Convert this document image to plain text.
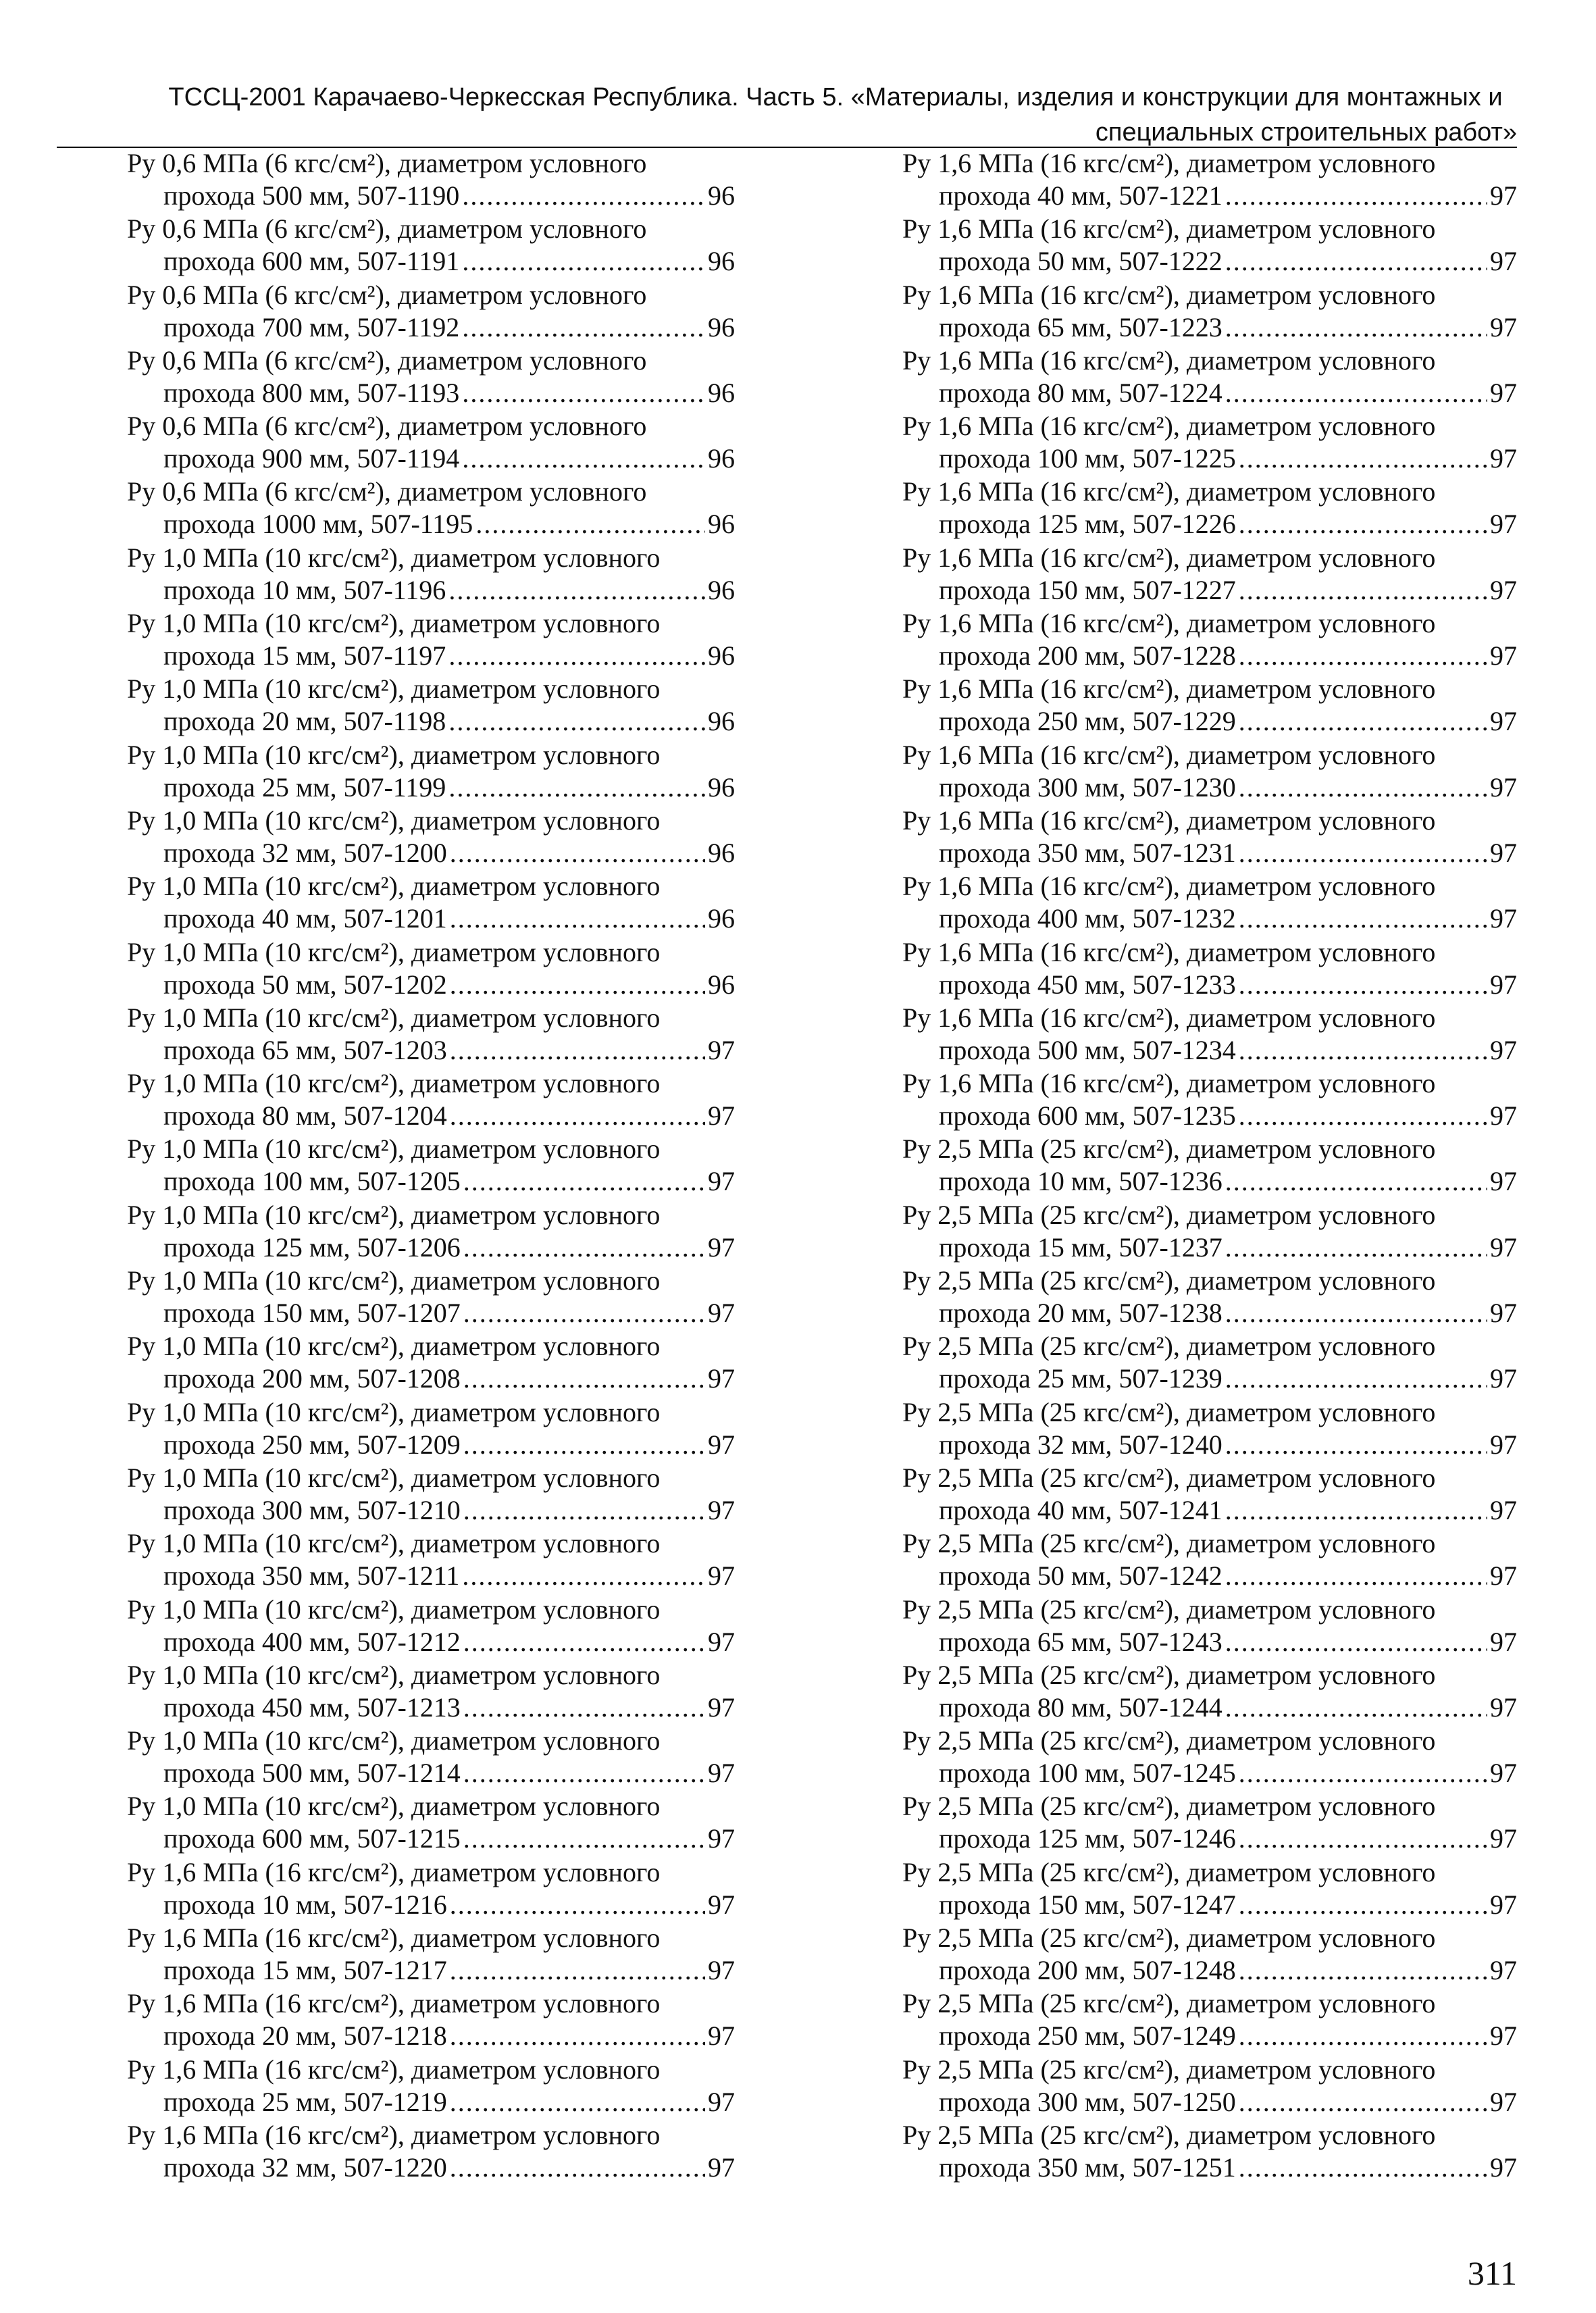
ТССЦ-2001 Карачаево-Черкесская Республика. Часть 5. «Материалы, изделия и конструкции для монтажных и
специальных строительных работ»
Ру 0,6 МПа (6 кгс/см²), диаметром условного
прохода 500 мм, 507-1190 .....	96
Ру 0,6 МПа (6 кгс/см²), диаметром условного
прохода 600 мм, 507-1191 .....	96
Ру 0,6 МПа (6 кгс/см²), диаметром условного
прохода 700 мм, 507-1192 .....	96
Ру 0,6 МПа (6 кгс/см²), диаметром условного
прохода 800 мм, 507-1193 .....	96
Ру 0,6 МПа (6 кгс/см²), диаметром условного
прохода 900 мм, 507-1194 .....	96
Ру 0,6 МПа (6 кгс/см²), диаметром условного
прохода 1000 мм, 507-1195 .....	96
Ру 1,0 МПа (10 кгс/см²), диаметром условного
прохода 10 мм, 507-1196 .....	96
Ру 1,0 МПа (10 кгс/см²), диаметром условного
прохода 15 мм, 507-1197 .....	96
Ру 1,0 МПа (10 кгс/см²), диаметром условного
прохода 20 мм, 507-1198 .....	96
Ру 1,0 МПа (10 кгс/см²), диаметром условного
прохода 25 мм, 507-1199 .....	96
Ру 1,0 МПа (10 кгс/см²), диаметром условного
прохода 32 мм, 507-1200 .....	96
Ру 1,0 МПа (10 кгс/см²), диаметром условного
прохода 40 мм, 507-1201 .....	96
Ру 1,0 МПа (10 кгс/см²), диаметром условного
прохода 50 мм, 507-1202 .....	96
Ру 1,0 МПа (10 кгс/см²), диаметром условного
прохода 65 мм, 507-1203 .....	97
Ру 1,0 МПа (10 кгс/см²), диаметром условного
прохода 80 мм, 507-1204 .....	97
Ру 1,0 МПа (10 кгс/см²), диаметром условного
прохода 100 мм, 507-1205 .....	97
Ру 1,0 МПа (10 кгс/см²), диаметром условного
прохода 125 мм, 507-1206 .....	97
Ру 1,0 МПа (10 кгс/см²), диаметром условного
прохода 150 мм, 507-1207 .....	97
Ру 1,0 МПа (10 кгс/см²), диаметром условного
прохода 200 мм, 507-1208 .....	97
Ру 1,0 МПа (10 кгс/см²), диаметром условного
прохода 250 мм, 507-1209 .....	97
Ру 1,0 МПа (10 кгс/см²), диаметром условного
прохода 300 мм, 507-1210 .....	97
Ру 1,0 МПа (10 кгс/см²), диаметром условного
прохода 350 мм, 507-1211 .....	97
Ру 1,0 МПа (10 кгс/см²), диаметром условного
прохода 400 мм, 507-1212 .....	97
Ру 1,0 МПа (10 кгс/см²), диаметром условного
прохода 450 мм, 507-1213 .....	97
Ру 1,0 МПа (10 кгс/см²), диаметром условного
прохода 500 мм, 507-1214 .....	97
Ру 1,0 МПа (10 кгс/см²), диаметром условного
прохода 600 мм, 507-1215 .....	97
Ру 1,6 МПа (16 кгс/см²), диаметром условного
прохода 10 мм, 507-1216 .....	97
Ру 1,6 МПа (16 кгс/см²), диаметром условного
прохода 15 мм, 507-1217 .....	97
Ру 1,6 МПа (16 кгс/см²), диаметром условного
прохода 20 мм, 507-1218 .....	97
Ру 1,6 МПа (16 кгс/см²), диаметром условного
прохода 25 мм, 507-1219 .....	97
Ру 1,6 МПа (16 кгс/см²), диаметром условного
прохода 32 мм, 507-1220 .....	97
Ру 1,6 МПа (16 кгс/см²), диаметром условного
прохода 40 мм, 507-1221 .....	97
Ру 1,6 МПа (16 кгс/см²), диаметром условного
прохода 50 мм, 507-1222 .....	97
Ру 1,6 МПа (16 кгс/см²), диаметром условного
прохода 65 мм, 507-1223 .....	97
Ру 1,6 МПа (16 кгс/см²), диаметром условного
прохода 80 мм, 507-1224 .....	97
Ру 1,6 МПа (16 кгс/см²), диаметром условного
прохода 100 мм, 507-1225 .....	97
Ру 1,6 МПа (16 кгс/см²), диаметром условного
прохода 125 мм, 507-1226 .....	97
Ру 1,6 МПа (16 кгс/см²), диаметром условного
прохода 150 мм, 507-1227 .....	97
Ру 1,6 МПа (16 кгс/см²), диаметром условного
прохода 200 мм, 507-1228 .....	97
Ру 1,6 МПа (16 кгс/см²), диаметром условного
прохода 250 мм, 507-1229 .....	97
Ру 1,6 МПа (16 кгс/см²), диаметром условного
прохода 300 мм, 507-1230 .....	97
Ру 1,6 МПа (16 кгс/см²), диаметром условного
прохода 350 мм, 507-1231 .....	97
Ру 1,6 МПа (16 кгс/см²), диаметром условного
прохода 400 мм, 507-1232 .....	97
Ру 1,6 МПа (16 кгс/см²), диаметром условного
прохода 450 мм, 507-1233 .....	97
Ру 1,6 МПа (16 кгс/см²), диаметром условного
прохода 500 мм, 507-1234 .....	97
Ру 1,6 МПа (16 кгс/см²), диаметром условного
прохода 600 мм, 507-1235 .....	97
Ру 2,5 МПа (25 кгс/см²), диаметром условного
прохода 10 мм, 507-1236 .....	97
Ру 2,5 МПа (25 кгс/см²), диаметром условного
прохода 15 мм, 507-1237 .....	97
Ру 2,5 МПа (25 кгс/см²), диаметром условного
прохода 20 мм, 507-1238 .....	97
Ру 2,5 МПа (25 кгс/см²), диаметром условного
прохода 25 мм, 507-1239 .....	97
Ру 2,5 МПа (25 кгс/см²), диаметром условного
прохода 32 мм, 507-1240 .....	97
Ру 2,5 МПа (25 кгс/см²), диаметром условного
прохода 40 мм, 507-1241 .....	97
Ру 2,5 МПа (25 кгс/см²), диаметром условного
прохода 50 мм, 507-1242 .....	97
Ру 2,5 МПа (25 кгс/см²), диаметром условного
прохода 65 мм, 507-1243 .....	97
Ру 2,5 МПа (25 кгс/см²), диаметром условного
прохода 80 мм, 507-1244 .....	97
Ру 2,5 МПа (25 кгс/см²), диаметром условного
прохода 100 мм, 507-1245 .....	97
Ру 2,5 МПа (25 кгс/см²), диаметром условного
прохода 125 мм, 507-1246 .....	97
Ру 2,5 МПа (25 кгс/см²), диаметром условного
прохода 150 мм, 507-1247 .....	97
Ру 2,5 МПа (25 кгс/см²), диаметром условного
прохода 200 мм, 507-1248 .....	97
Ру 2,5 МПа (25 кгс/см²), диаметром условного
прохода 250 мм, 507-1249 .....	97
Ру 2,5 МПа (25 кгс/см²), диаметром условного
прохода 300 мм, 507-1250 .....	97
Ру 2,5 МПа (25 кгс/см²), диаметром условного
прохода 350 мм, 507-1251 .....	97
311
